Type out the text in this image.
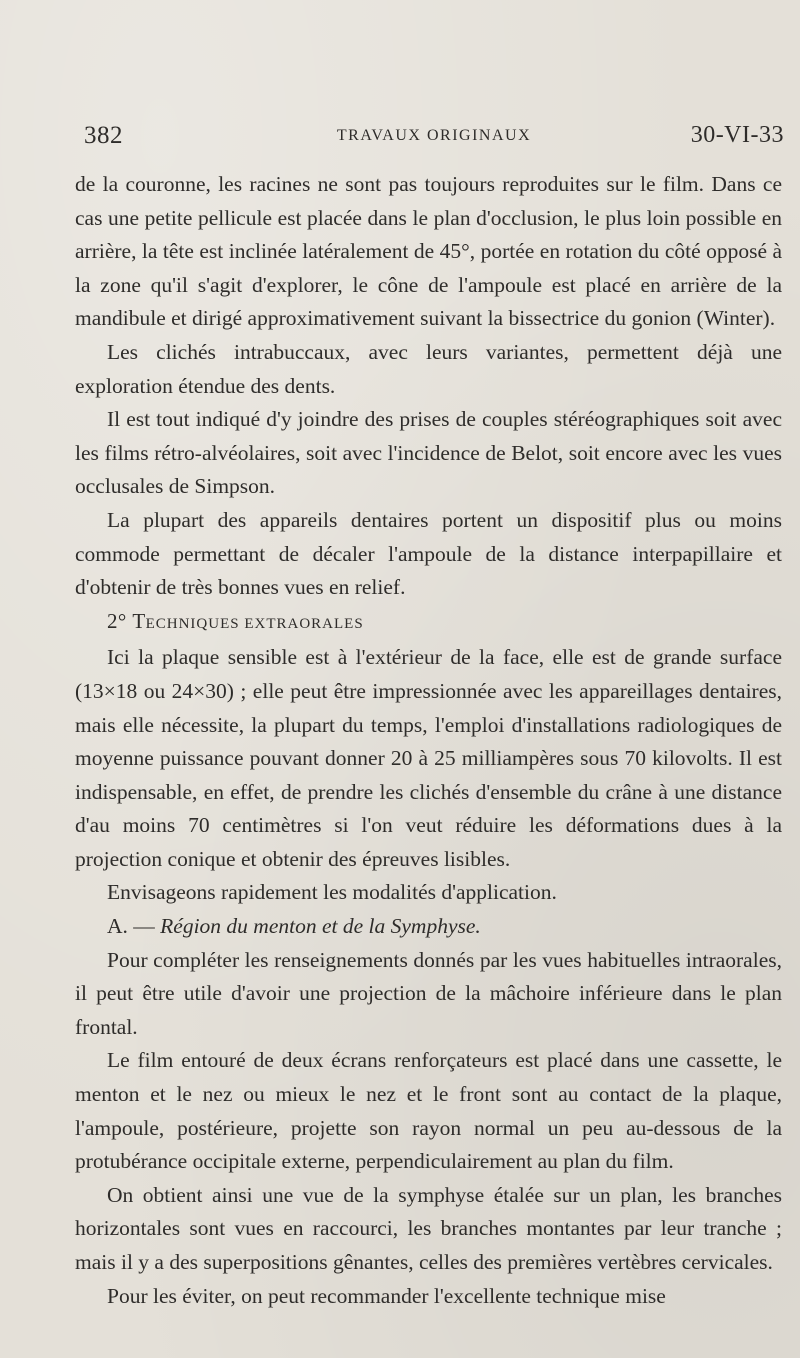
382	TRAVAUX ORIGINAUX	30-VI-33

de la couronne, les racines ne sont pas toujours reproduites sur le film. Dans ce cas une petite pellicule est placée dans le plan d'occlusion, le plus loin possible en arrière, la tête est inclinée latéralement de 45°, portée en rotation du côté opposé à la zone qu'il s'agit d'explorer, le cône de l'ampoule est placé en arrière de la mandibule et dirigé approximativement suivant la bissectrice du gonion (Winter).

Les clichés intrabuccaux, avec leurs variantes, permettent déjà une exploration étendue des dents.

Il est tout indiqué d'y joindre des prises de couples stéréographiques soit avec les films rétro-alvéolaires, soit avec l'incidence de Belot, soit encore avec les vues occlusales de Simpson.

La plupart des appareils dentaires portent un dispositif plus ou moins commode permettant de décaler l'ampoule de la distance interpapillaire et d'obtenir de très bonnes vues en relief.

2° TECHNIQUES EXTRAORALES

Ici la plaque sensible est à l'extérieur de la face, elle est de grande surface (13×18 ou 24×30) ; elle peut être impressionnée avec les appareillages dentaires, mais elle nécessite, la plupart du temps, l'emploi d'installations radiologiques de moyenne puissance pouvant donner 20 à 25 milliampères sous 70 kilovolts. Il est indispensable, en effet, de prendre les clichés d'ensemble du crâne à une distance d'au moins 70 centimètres si l'on veut réduire les déformations dues à la projection conique et obtenir des épreuves lisibles.

Envisageons rapidement les modalités d'application.

A. — Région du menton et de la Symphyse.

Pour compléter les renseignements donnés par les vues habituelles intraorales, il peut être utile d'avoir une projection de la mâchoire inférieure dans le plan frontal.

Le film entouré de deux écrans renforçateurs est placé dans une cassette, le menton et le nez ou mieux le nez et le front sont au contact de la plaque, l'ampoule, postérieure, projette son rayon normal un peu au-dessous de la protubérance occipitale externe, perpendiculairement au plan du film.

On obtient ainsi une vue de la symphyse étalée sur un plan, les branches horizontales sont vues en raccourci, les branches montantes par leur tranche ; mais il y a des superpositions gênantes, celles des premières vertèbres cervicales.

Pour les éviter, on peut recommander l'excellente technique mise
